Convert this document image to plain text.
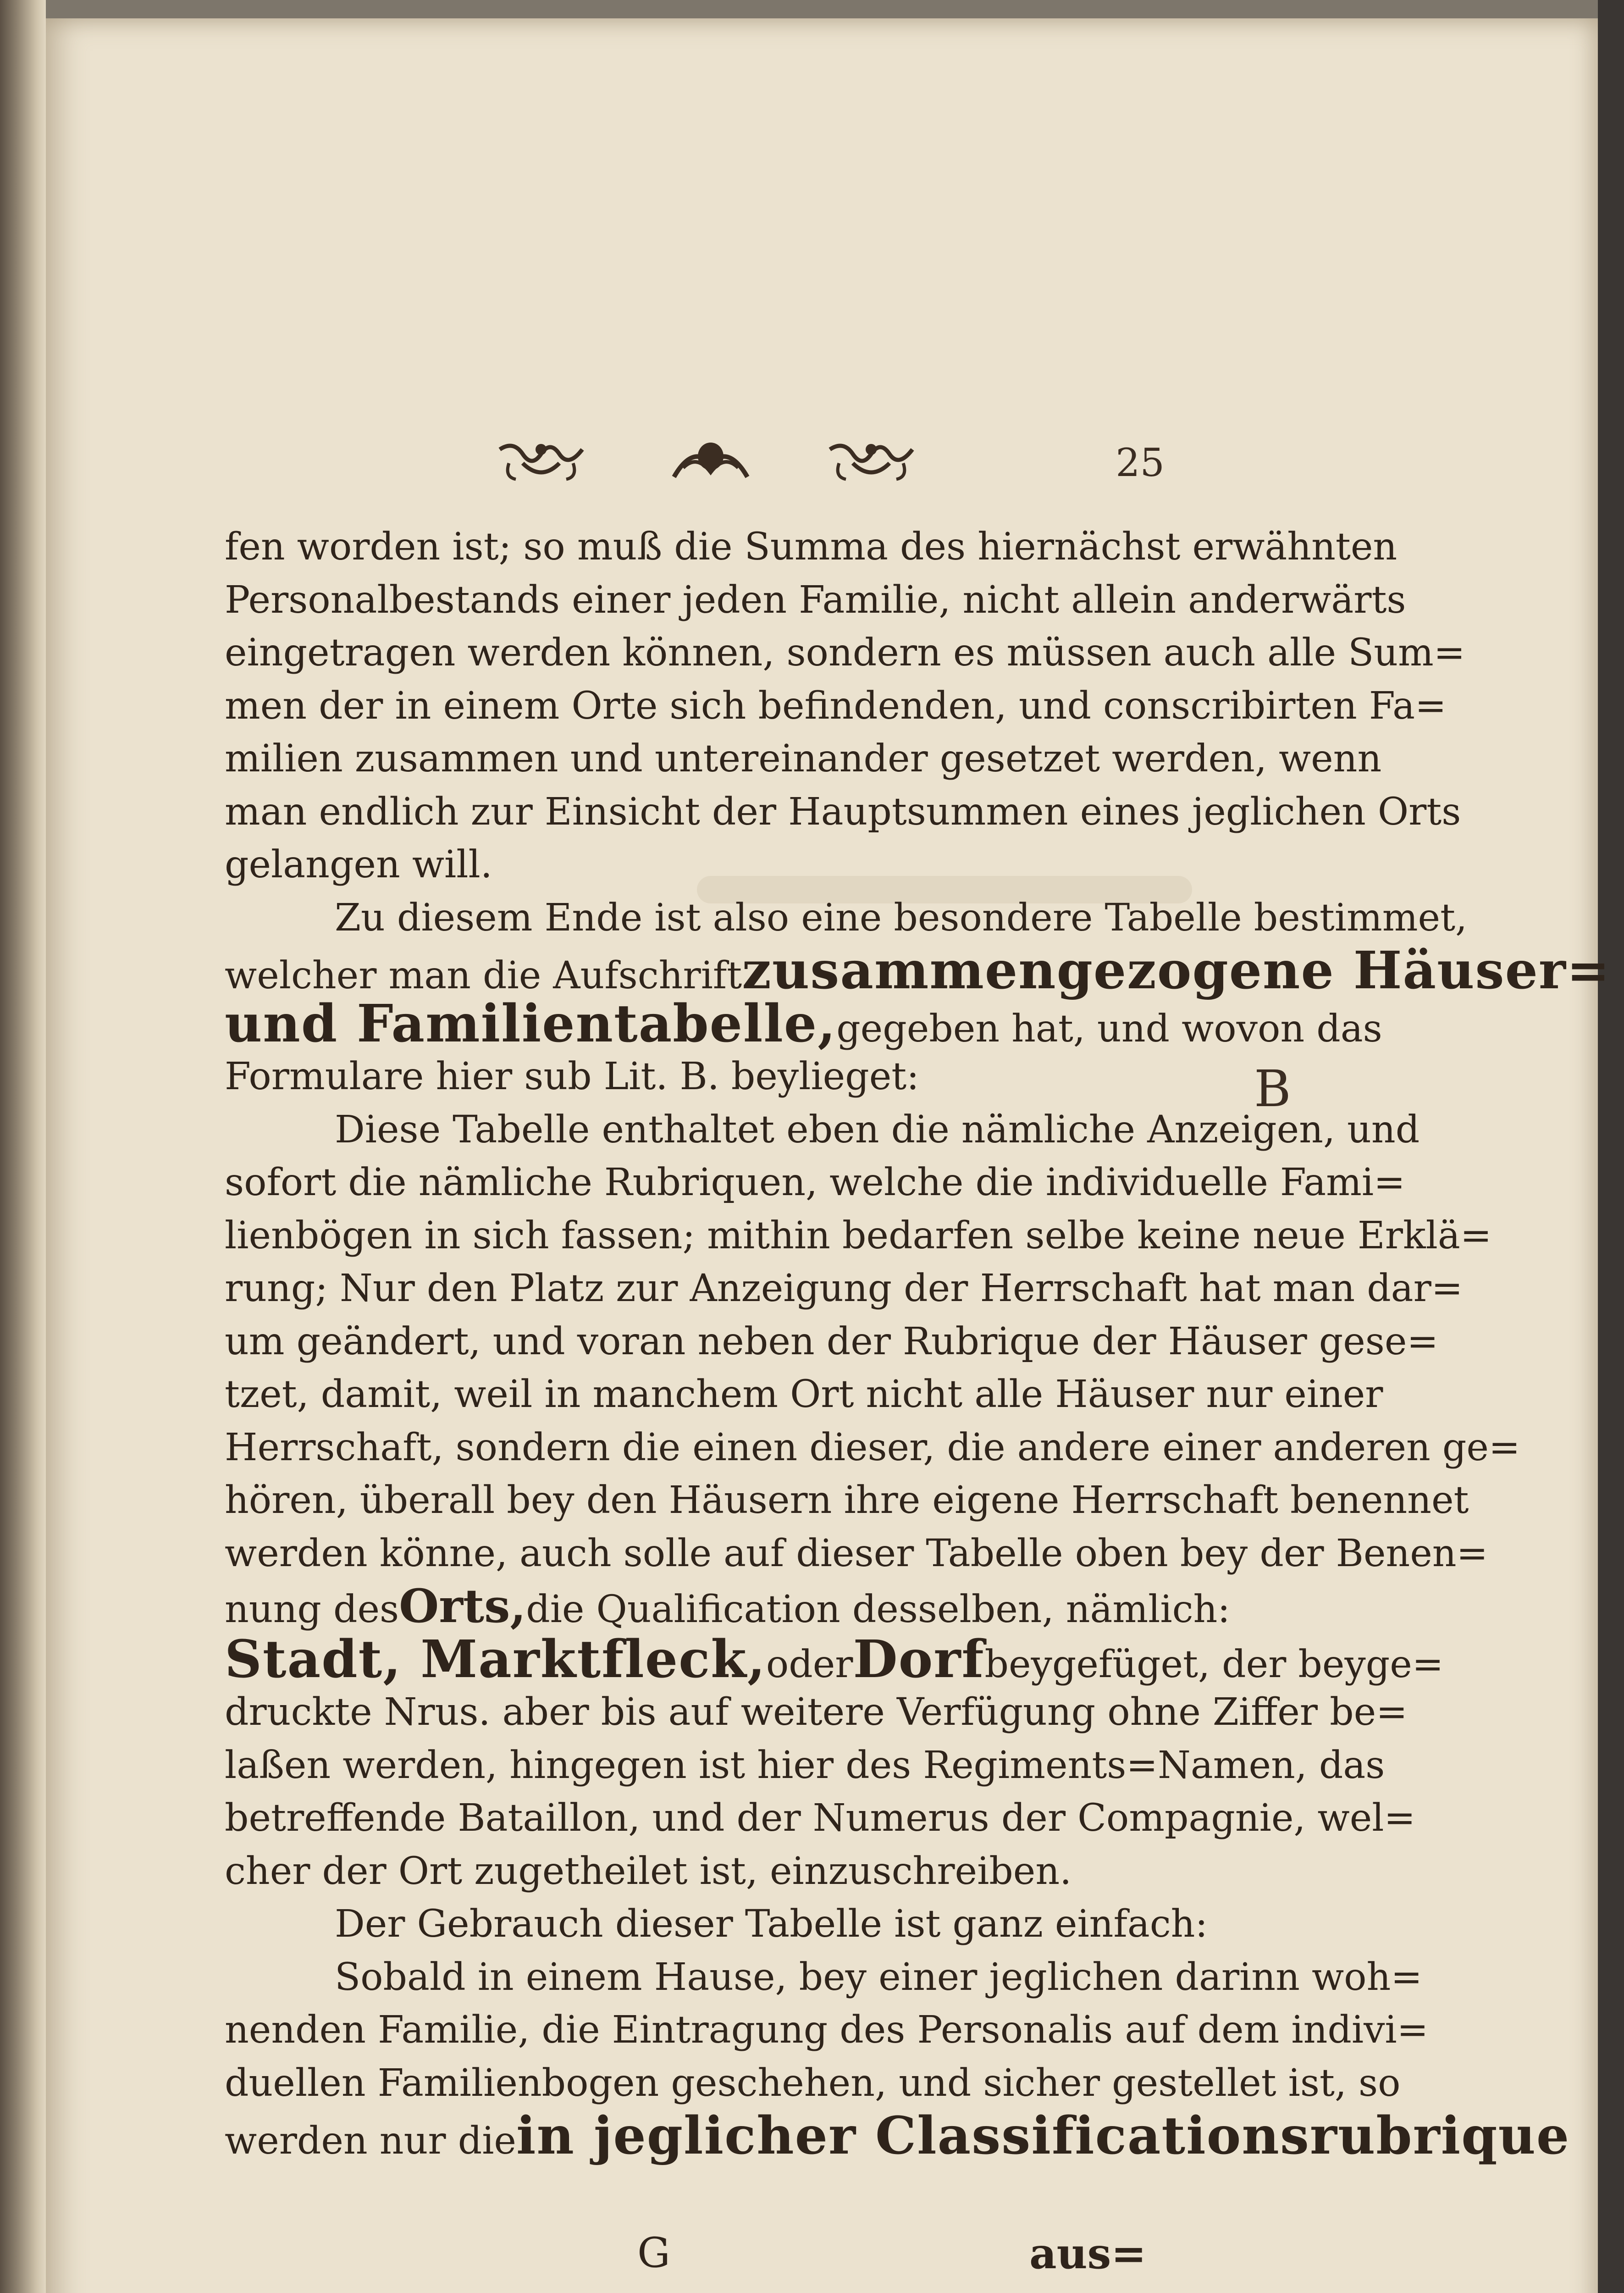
25
B
fen worden ist; so muß die Summa des hiernächst erwähnten
Personalbestands einer jeden Familie, nicht allein anderwärts
eingetragen werden können, sondern es müssen auch alle Sum=
men der in einem Orte sich befindenden, und conscribirten Fa=
milien zusammen und untereinander gesetzet werden, wenn
man endlich zur Einsicht der Hauptsummen eines jeglichen Orts
gelangen will.
Zu diesem Ende ist also eine besondere Tabelle bestimmet,
welcher man die Aufschrift zusammengezogene Häuser=
und Familientabelle, gegeben hat, und wovon das
Formulare hier sub Lit. B. beylieget:
Diese Tabelle enthaltet eben die nämliche Anzeigen, und
sofort die nämliche Rubriquen, welche die individuelle Fami=
lienbögen in sich fassen; mithin bedarfen selbe keine neue Erklä=
rung; Nur den Platz zur Anzeigung der Herrschaft hat man dar=
um geändert, und voran neben der Rubrique der Häuser gese=
tzet, damit, weil in manchem Ort nicht alle Häuser nur einer
Herrschaft, sondern die einen dieser, die andere einer anderen ge=
hören, überall bey den Häusern ihre eigene Herrschaft benennet
werden könne, auch solle auf dieser Tabelle oben bey der Benen=
nung des Orts, die Qualification desselben, nämlich:
Stadt, Marktfleck, oder Dorf beygefüget, der beyge=
druckte Nrus. aber bis auf weitere Verfügung ohne Ziffer be=
laßen werden, hingegen ist hier des Regiments=Namen, das
betreffende Bataillon, und der Numerus der Compagnie, wel=
cher der Ort zugetheilet ist, einzuschreiben.
Der Gebrauch dieser Tabelle ist ganz einfach:
Sobald in einem Hause, bey einer jeglichen darinn woh=
nenden Familie, die Eintragung des Personalis auf dem indivi=
duellen Familienbogen geschehen, und sicher gestellet ist, so
werden nur die in jeglicher Classificationsrubrique
G	aus=
